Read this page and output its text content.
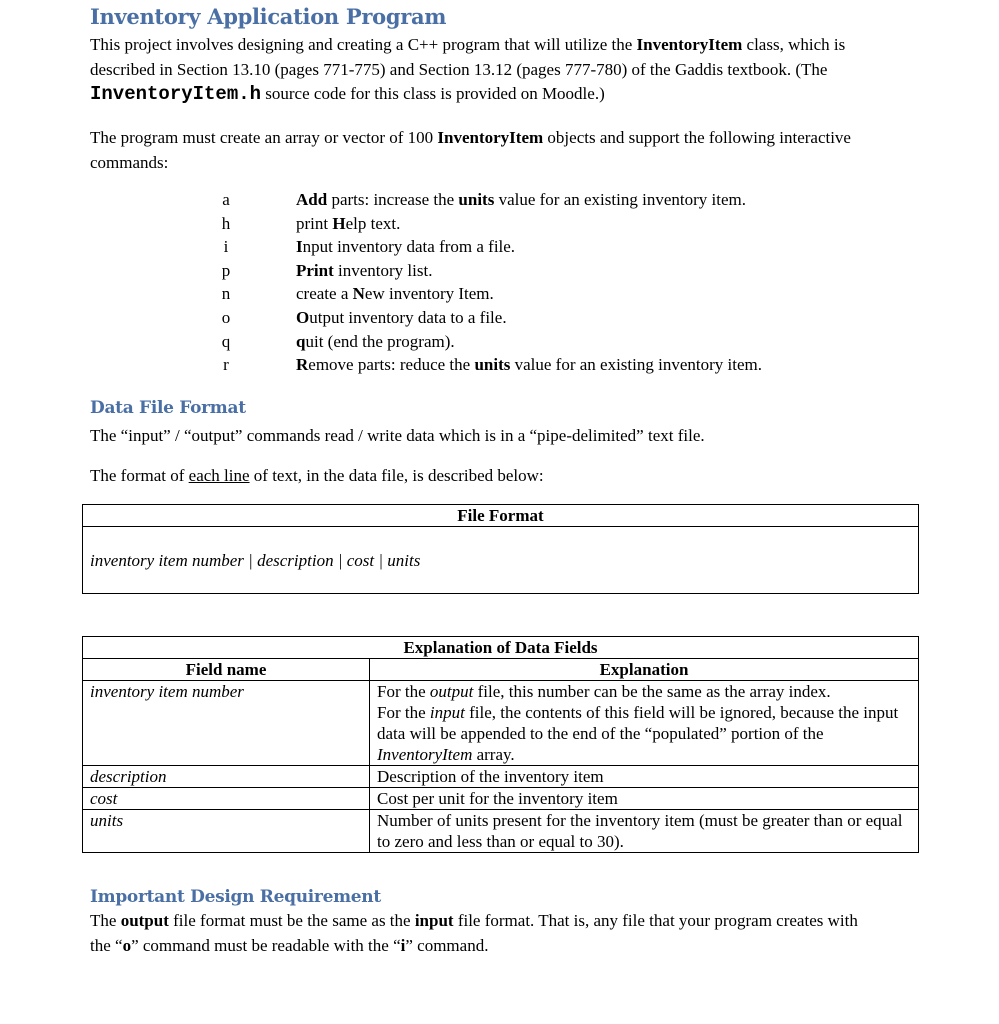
Inventory Application Program
This project involves designing and creating a C++ program that will utilize the InventoryItem class, which is
described in Section 13.10 (pages 771-775) and Section 13.12 (pages 777-780) of the Gaddis textbook. (The
InventoryItem.h source code for this class is provided on Moodle.)
The program must create an array or vector of 100 InventoryItem objects and support the following interactive
commands:
a	Add parts: increase the units value for an existing inventory item.
h	print Help text.
i	Input inventory data from a file.
p	Print inventory list.
n	create a New inventory Item.
o	Output inventory data to a file.
q	quit (end the program).
r	Remove parts: reduce the units value for an existing inventory item.
Data File Format
The “input” / “output” commands read / write data which is in a “pipe-delimited” text file.
The format of each line of text, in the data file, is described below:
File Format
inventory item number | description | cost | units
Explanation of Data Fields	
Field name	Explanation
inventory item number	For the output file, this number can be the same as the array index.
For the input file, the contents of this field will be ignored, because the input data will be appended to the end of the “populated” portion of the InventoryItem array.

description	Description of the inventory item
cost	Cost per unit for the inventory item
units	Number of units present for the inventory item (must be greater than or equal to zero and less than or equal to 30).
Important Design Requirement
The output file format must be the same as the input file format. That is, any file that your program creates with
the “o” command must be readable with the “i” command.
